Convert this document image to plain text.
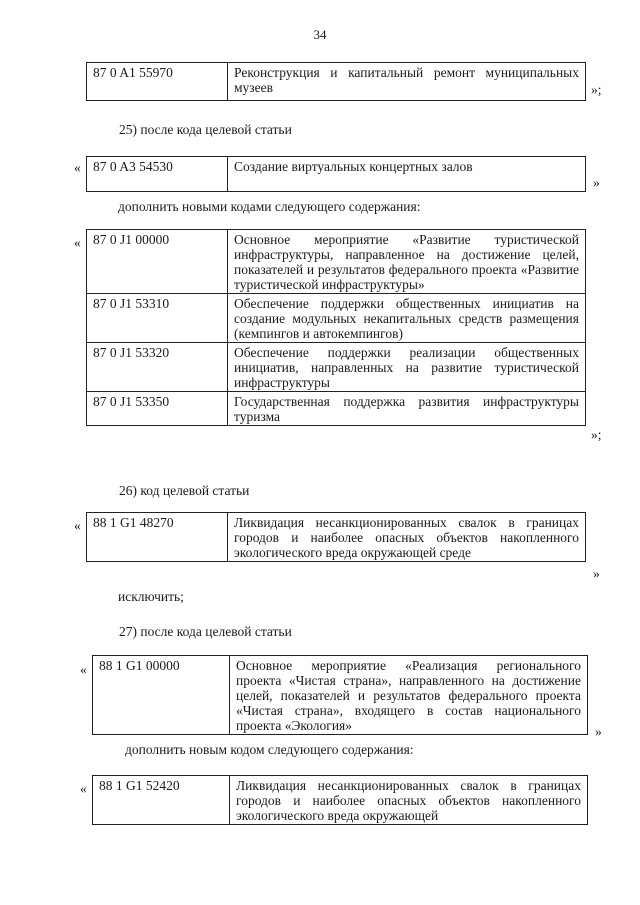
34
87 0 A1 55970	Реконструкция и капитальный ремонт муниципальных музеев	»;
25) после кода целевой статьи
« 87 0 A3 54530	Создание виртуальных концертных залов
»
дополнить новыми кодами следующего содержания:
« 87 0 J1 00000	Основное мероприятие «Развитие туристической инфраструктуры, направленное на достижение целей, показателей и результатов федерального проекта «Развитие туристической инфраструктуры»
87 0 J1 53310	Обеспечение поддержки общественных инициатив на создание модульных некапитальных средств размещения (кемпингов и автокемпингов)
87 0 J1 53320	Обеспечение поддержки реализации общественных инициатив, направленных на развитие туристической инфраструктуры
87 0 J1 53350	Государственная поддержка развития инфраструктуры туризма
»;
26) код целевой статьи
« 88 1 G1 48270	Ликвидация несанкционированных свалок в границах городов и наиболее опасных объектов накопленного экологического вреда окружающей среде
»
исключить;
27) после кода целевой статьи
« 88 1 G1 00000	Основное мероприятие «Реализация регионального проекта «Чистая страна», направленного на достижение целей, показателей и результатов федерального проекта «Чистая страна», входящего в состав национального проекта «Экология»	»
дополнить новым кодом следующего содержания:
« 88 1 G1 52420	Ликвидация несанкционированных свалок в границах городов и наиболее опасных объектов накопленного экологического вреда окружающей
